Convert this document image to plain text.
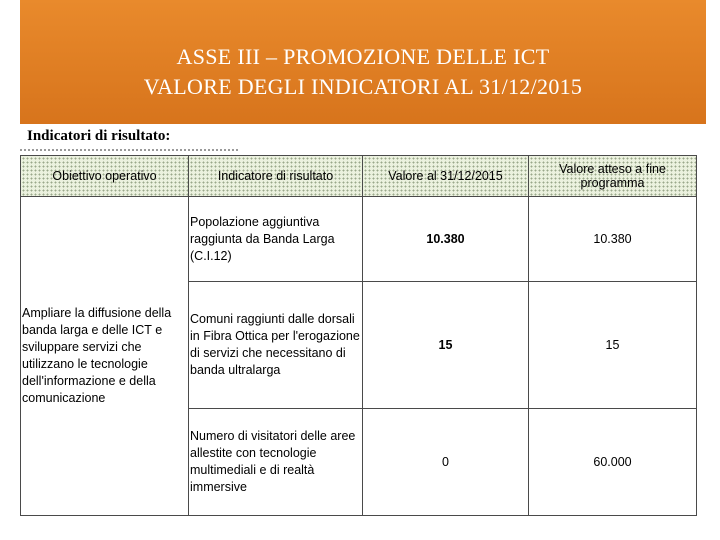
ASSE III – PROMOZIONE DELLE ICT
VALORE DEGLI INDICATORI AL 31/12/2015
Indicatori di risultato:
Obiettivo operativo	Indicatore di risultato	Valore al 31/12/2015	Valore atteso a fine programma
Ampliare la diffusione della banda larga e delle ICT e sviluppare servizi che utilizzano le tecnologie dell'informazione e della comunicazione	Popolazione aggiuntiva raggiunta da Banda Larga (C.I.12)	10.380	10.380
	Comuni raggiunti dalle dorsali in Fibra Ottica per l'erogazione di servizi che necessitano di banda ultralarga	15	15
	Numero di visitatori delle aree allestite con tecnologie multimediali e di realtà immersive	0	60.000
